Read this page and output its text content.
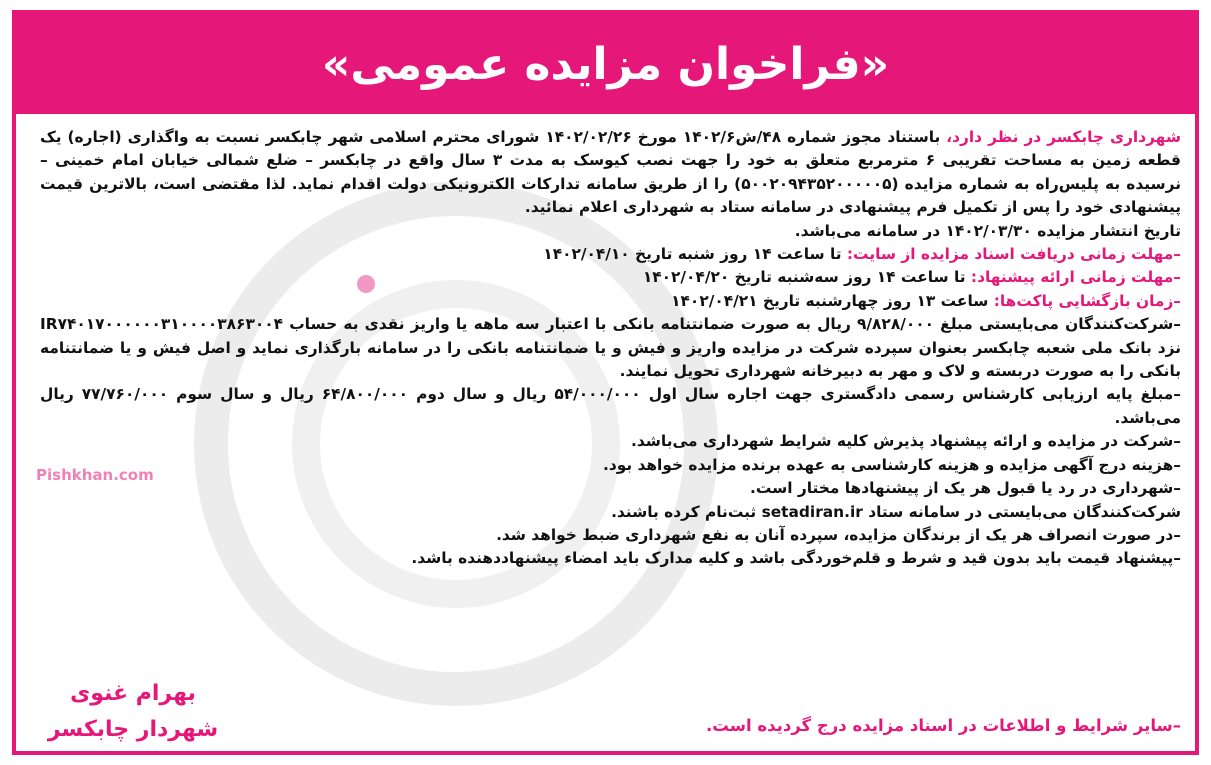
«فراخوان مزایده عمومی»
Pishkhan.com

شهرداری چابکسر در نظر دارد، باستناد مجوز شماره ۴۸/ش۱۴۰۲/۶ مورخ ۱۴۰۲/۰۲/۲۶ شورای محترم اسلامی شهر چابکسر نسبت به واگذاری (اجاره) یک قطعه زمین به مساحت تقریبی ۶ مترمربع متعلق به خود را جهت نصب کیوسک به مدت ۳ سال واقع در چابکسر – ضلع شمالی خیابان امام خمینی – نرسیده به پلیس‌راه به شماره مزایده (۵۰۰۲۰۹۴۳۵۲۰۰۰۰۰۵) را از طریق سامانه تدارکات الکترونیکی دولت اقدام نماید. لذا مقتضی است، بالاترین قیمت پیشنهادی خود را پس از تکمیل فرم پیشنهادی در سامانه ستاد به شهرداری اعلام نمائید.

تاریخ انتشار مزایده ۱۴۰۲/۰۳/۳۰ در سامانه می‌باشد.

–مهلت زمانی دریافت اسناد مزایده از سایت: تا ساعت ۱۴ روز شنبه تاریخ ۱۴۰۲/۰۴/۱۰

–مهلت زمانی ارائه پیشنهاد: تا ساعت ۱۴ روز سه‌شنبه تاریخ ۱۴۰۲/۰۴/۲۰

–زمان بازگشایی پاکت‌ها: ساعت ۱۳ روز چهارشنبه تاریخ ۱۴۰۲/۰۴/۲۱

–شرکت‌کنندگان می‌بایستی مبلغ ۹/۸۲۸/۰۰۰ ریال به صورت ضمانتنامه بانکی با اعتبار سه ماهه یا واریز نقدی به حساب IR۷۴۰۱۷۰۰۰۰۰۰۳۱۰۰۰۰۳۸۶۳۰۰۴ نزد بانک ملی شعبه چابکسر بعنوان سپرده شرکت در مزایده واریز و فیش و یا ضمانتنامه بانکی را در سامانه بارگذاری نماید و اصل فیش و یا ضمانتنامه بانکی را به صورت دربسته و لاک و مهر به دبیرخانه شهرداری تحویل نمایند.

–مبلغ پایه ارزیابی کارشناس رسمی دادگستری جهت اجاره سال اول ۵۴/۰۰۰/۰۰۰ ریال و سال دوم ۶۴/۸۰۰/۰۰۰ ریال و سال سوم ۷۷/۷۶۰/۰۰۰ ریال می‌باشد.

–شرکت در مزایده و ارائه پیشنهاد پذیرش کلیه شرایط شهرداری می‌باشد.

–هزینه درج آگهی مزایده و هزینه کارشناسی به عهده برنده مزایده خواهد بود.

–شهرداری در رد یا قبول هر یک از پیشنهادها مختار است.

شرکت‌کنندگان می‌بایستی در سامانه ستاد setadiran.ir ثبت‌نام کرده باشند.

–در صورت انصراف هر یک از برندگان مزایده، سپرده آنان به نفع شهرداری ضبط خواهد شد.

–پیشنهاد قیمت باید بدون قید و شرط و قلم‌خوردگی باشد و کلیه مدارک باید امضاء پیشنهاددهنده باشد.

–سایر شرایط و اطلاعات در اسناد مزایده درج گردیده است.
بهرام غنوی
شهردار چابکسر
